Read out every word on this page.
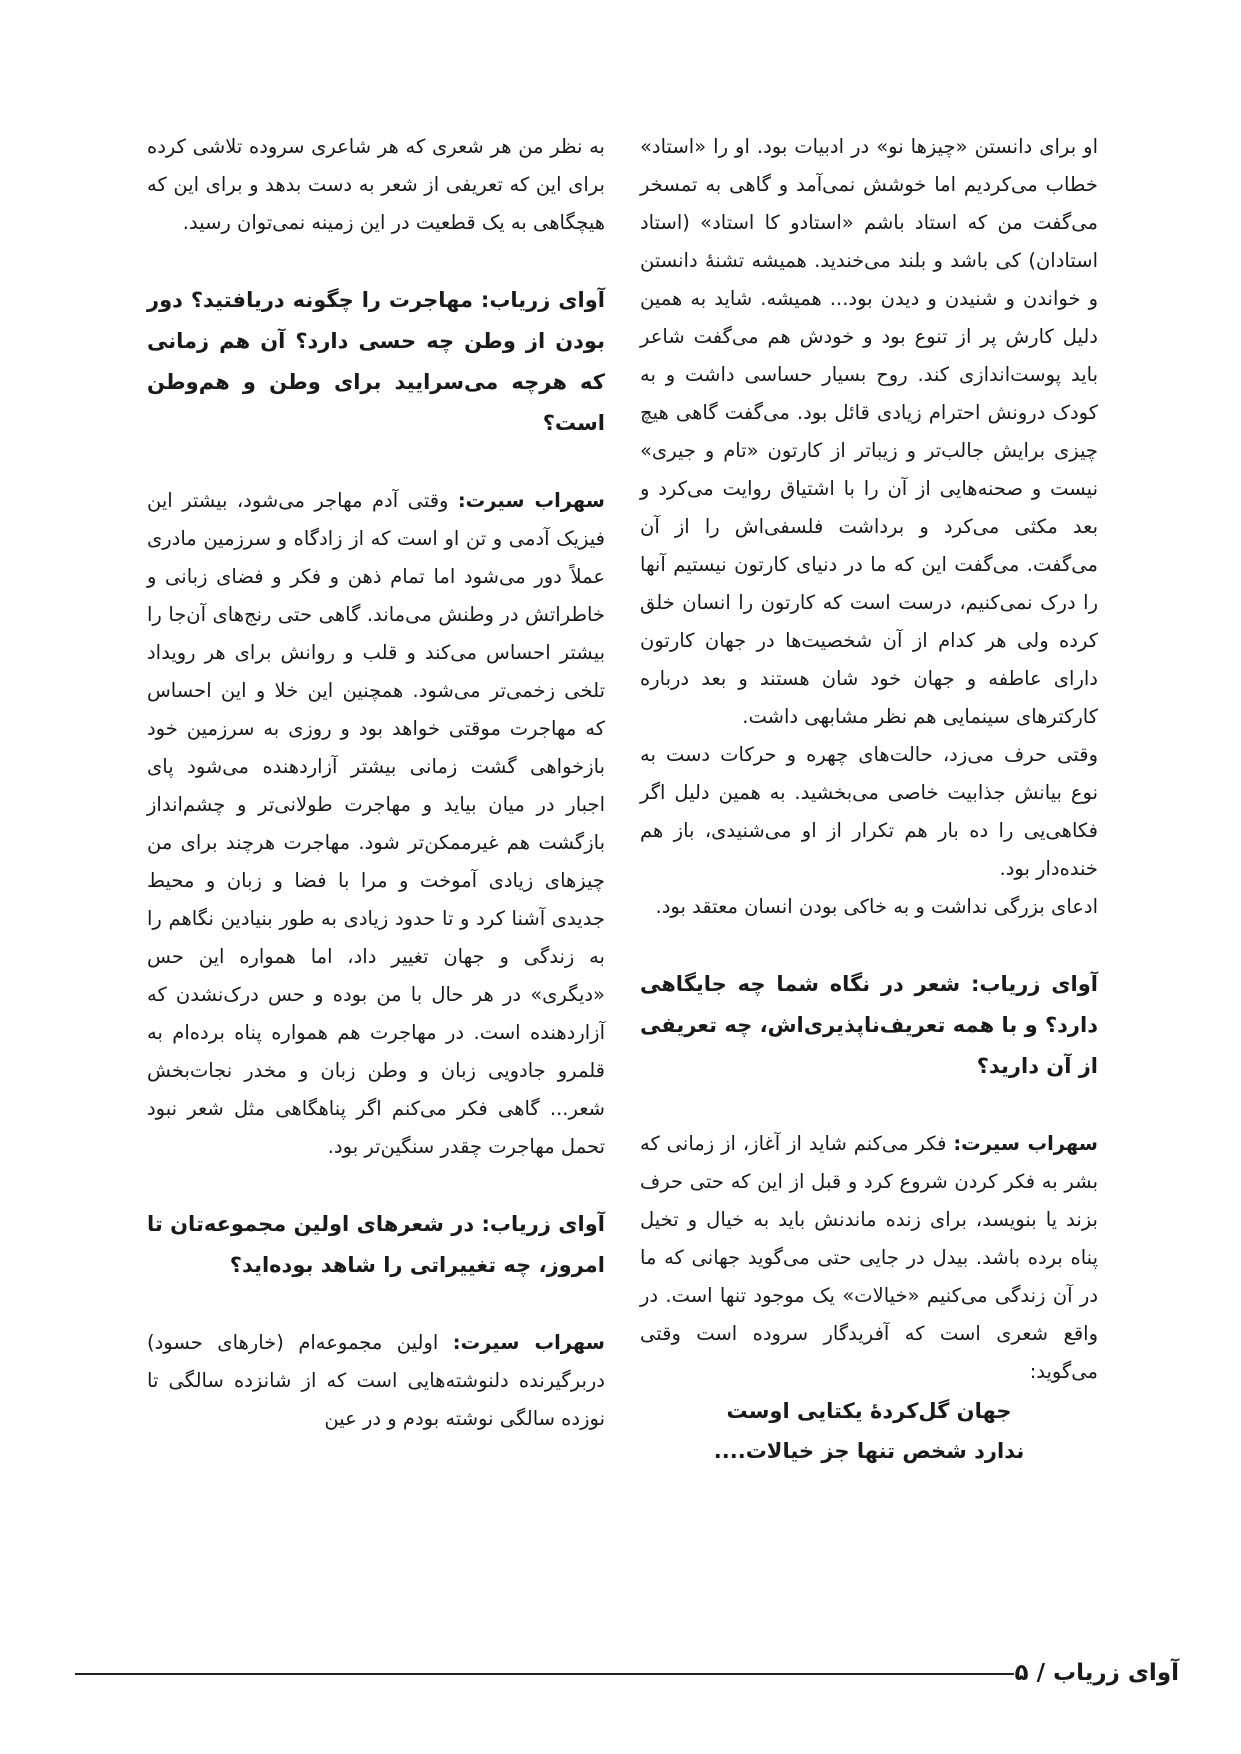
او برای دانستن «چیزها نو» در ادبیات بود. او را «استاد» خطاب می‌کردیم اما خوشش نمی‌آمد و گاهی به تمسخر می‌گفت من که استاد باشم «استادو کا استاد» (استاد استادان) کی باشد و بلند می‌خندید. همیشه تشنهٔ دانستن و خواندن و شنیدن و دیدن بود... همیشه. شاید به همین دلیل کارش پر از تنوع بود و خودش هم می‌گفت شاعر باید پوست‌اندازی کند. روح بسیار حساسی داشت و به کودک درونش احترام زیادی قائل بود. می‌گفت گاهی هیچ چیزی برایش جالب‌تر و زیباتر از کارتون «تام و جیری» نیست و صحنه‌هایی از آن را با اشتیاق روایت می‌کرد و بعد مکثی می‌کرد و برداشت فلسفی‌اش را از آن می‌گفت. می‌گفت این که ما در دنیای کارتون نیستیم آنها را درک نمی‌کنیم، درست است که کارتون را انسان خلق کرده ولی هر کدام از آن شخصیت‌ها در جهان کارتون دارای عاطفه و جهان خود شان هستند و بعد درباره کارکترهای سینمایی هم نظر مشابهی داشت.

وقتی حرف می‌زد، حالت‌های چهره و حرکات دست به نوع بیانش جذابیت خاصی می‌بخشید. به همین دلیل اگر فکاهی‌یی را ده بار هم تکرار از او می‌شنیدی، باز هم خنده‌دار بود.

ادعای بزرگی نداشت و به خاکی بودن انسان معتقد بود.

آوای زریاب: شعر در نگاه شما چه جایگاهی دارد؟ و با همه تعریف‌ناپذیری‌اش، چه تعریفی از آن دارید؟

سهراب سیرت: فکر می‌کنم شاید از آغاز، از زمانی که بشر به فکر کردن شروع کرد و قبل از این که حتی حرف بزند یا بنویسد، برای زنده ماندنش باید به خیال و تخیل پناه برده باشد. بیدل در جایی حتی می‌گوید جهانی که ما در آن زندگی می‌کنیم «خیالات» یک موجود تنها است. در واقع شعری است که آفریدگار سروده است وقتی می‌گوید:

جهان گل‌کردهٔ یکتایی اوست

ندارد شخص تنها جز خیالات....

به نظر من هر شعری که هر شاعری سروده تلاشی کرده برای این که تعریفی از شعر به دست بدهد و برای این که هیچگاهی به یک قطعیت در این زمینه نمی‌توان رسید.

آوای زریاب: مهاجرت را چگونه دریافتید؟ دور بودن از وطن چه حسی دارد؟ آن هم زمانی که هرچه می‌سرایید برای وطن و هم‌وطن است؟

سهراب سیرت: وقتی آدم مهاجر می‌شود، بیشتر این فیزیک آدمی و تن او است که از زادگاه و سرزمین مادری عملاً دور می‌شود اما تمام ذهن و فکر و فضای زبانی و خاطراتش در وطنش می‌ماند. گاهی حتی رنج‌های آن‌جا را بیشتر احساس می‌کند و قلب و روانش برای هر رویداد تلخی زخمی‌تر می‌شود. همچنین این خلا و این احساس که مهاجرت موقتی خواهد بود و روزی به سرزمین خود بازخواهی گشت زمانی بیشتر آزاردهنده می‌شود پای اجبار در میان بیاید و مهاجرت طولانی‌تر و چشم‌انداز بازگشت هم غیرممکن‌تر شود. مهاجرت هرچند برای من چیزهای زیادی آموخت و مرا با فضا و زبان و محیط جدیدی آشنا کرد و تا حدود زیادی به طور بنیادین نگاهم را به زندگی و جهان تغییر داد، اما همواره این حس «دیگری» در هر حال با من بوده و حس درک‌نشدن که آزاردهنده است. در مهاجرت هم همواره پناه برده‌ام به قلمرو جادویی زبان و وطن زبان و مخدر نجات‌بخش شعر... گاهی فکر می‌کنم اگر پناهگاهی مثل شعر نبود تحمل مهاجرت چقدر سنگین‌تر بود.

آوای زریاب: در شعرهای اولین مجموعه‌تان تا امروز، چه تغییراتی را شاهد بوده‌اید؟

سهراب سیرت: اولین مجموعه‌ام (خارهای حسود) دربرگیرنده دلنوشته‌هایی است که از شانزده سالگی تا نوزده سالگی نوشته بودم و در عین

آوای زریاب / ۵
